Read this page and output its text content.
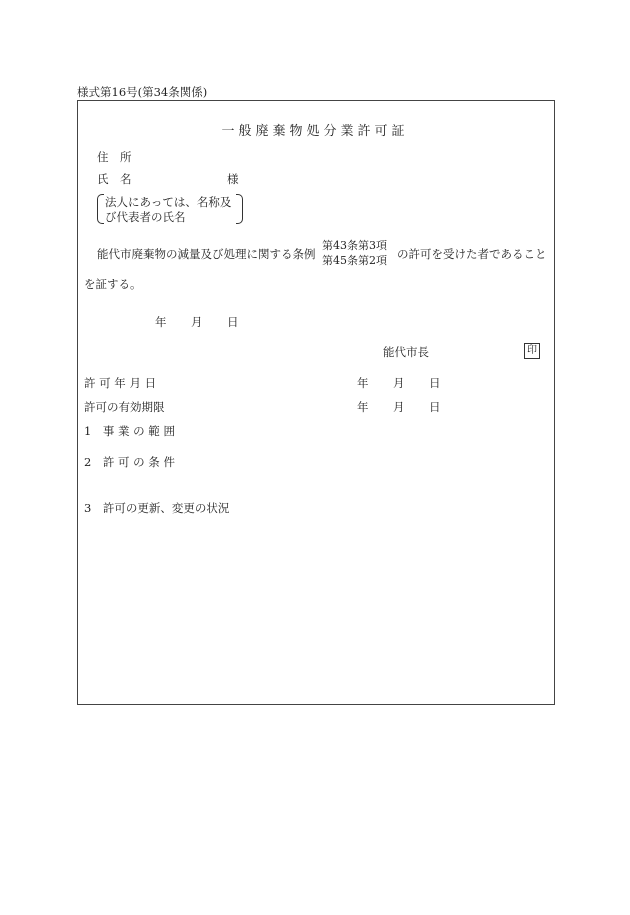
様式第16号(第34条関係)
一般廃棄物処分業許可証
住　所
氏　名	様
法人にあっては、名称及
び代表者の氏名
能代市廃棄物の減量及び処理に関する条例
第43条第3項
第45条第2項 の許可を受けた者であること
を証する。
年 月 日
能代市長	印
許 可 年 月 日	年 月 日
許可の有効期限	年 月 日
1　事 業 の 範 囲
2　許 可 の 条 件
3　許可の更新、変更の状況
